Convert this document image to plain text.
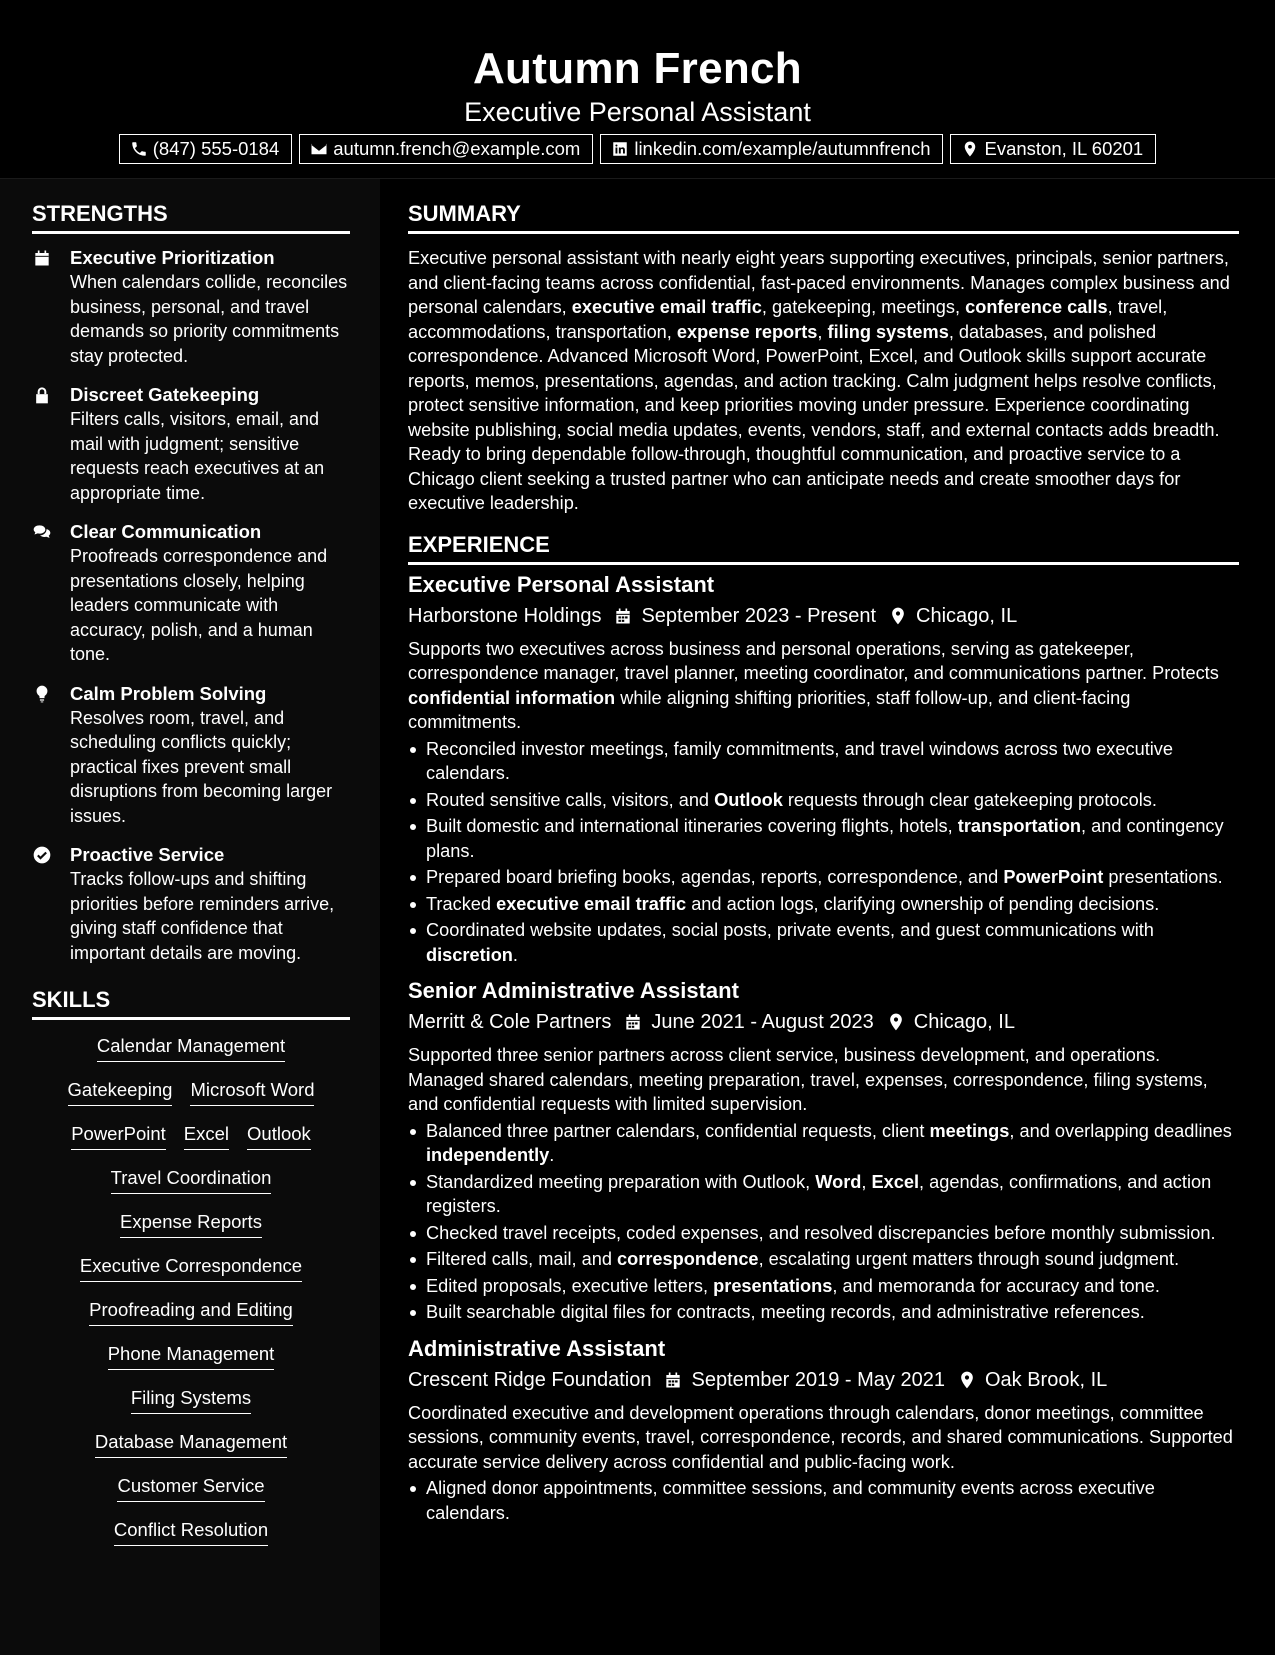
Autumn French
Executive Personal Assistant
(847) 555-0184	autumn.french@example.com	linkedin.com/example/autumnfrench	Evanston, IL 60201
STRENGTHS
Executive Prioritization
When calendars collide, reconciles business, personal, and travel demands so priority commitments stay protected.
Discreet Gatekeeping
Filters calls, visitors, email, and mail with judgment; sensitive requests reach executives at an appropriate time.
Clear Communication
Proofreads correspondence and presentations closely, helping leaders communicate with accuracy, polish, and a human tone.
Calm Problem Solving
Resolves room, travel, and scheduling conflicts quickly; practical fixes prevent small disruptions from becoming larger issues.
Proactive Service
Tracks follow-ups and shifting priorities before reminders arrive, giving staff confidence that important details are moving.
SKILLS
Calendar Management
Gatekeeping Microsoft Word
PowerPoint Excel Outlook
Travel Coordination
Expense Reports
Executive Correspondence
Proofreading and Editing
Phone Management
Filing Systems
Database Management
Customer Service
Conflict Resolution
SUMMARY
Executive personal assistant with nearly eight years supporting executives, principals, senior partners, and client-facing teams across confidential, fast-paced environments. Manages complex business and personal calendars, executive email traffic, gatekeeping, meetings, conference calls, travel, accommodations, transportation, expense reports, filing systems, databases, and polished correspondence. Advanced Microsoft Word, PowerPoint, Excel, and Outlook skills support accurate reports, memos, presentations, agendas, and action tracking. Calm judgment helps resolve conflicts, protect sensitive information, and keep priorities moving under pressure. Experience coordinating website publishing, social media updates, events, vendors, staff, and external contacts adds breadth. Ready to bring dependable follow-through, thoughtful communication, and proactive service to a Chicago client seeking a trusted partner who can anticipate needs and create smoother days for executive leadership.
EXPERIENCE
Executive Personal Assistant
Harborstone Holdings September 2023 - Present Chicago, IL
Supports two executives across business and personal operations, serving as gatekeeper, correspondence manager, travel planner, meeting coordinator, and communications partner. Protects confidential information while aligning shifting priorities, staff follow-up, and client-facing commitments.
Reconciled investor meetings, family commitments, and travel windows across two executive calendars.
Routed sensitive calls, visitors, and Outlook requests through clear gatekeeping protocols.
Built domestic and international itineraries covering flights, hotels, transportation, and contingency plans.
Prepared board briefing books, agendas, reports, correspondence, and PowerPoint presentations.
Tracked executive email traffic and action logs, clarifying ownership of pending decisions.
Coordinated website updates, social posts, private events, and guest communications with discretion.
Senior Administrative Assistant
Merritt & Cole Partners June 2021 - August 2023 Chicago, IL
Supported three senior partners across client service, business development, and operations. Managed shared calendars, meeting preparation, travel, expenses, correspondence, filing systems, and confidential requests with limited supervision.
Balanced three partner calendars, confidential requests, client meetings, and overlapping deadlines independently.
Standardized meeting preparation with Outlook, Word, Excel, agendas, confirmations, and action registers.
Checked travel receipts, coded expenses, and resolved discrepancies before monthly submission.
Filtered calls, mail, and correspondence, escalating urgent matters through sound judgment.
Edited proposals, executive letters, presentations, and memoranda for accuracy and tone.
Built searchable digital files for contracts, meeting records, and administrative references.
Administrative Assistant
Crescent Ridge Foundation September 2019 - May 2021 Oak Brook, IL
Coordinated executive and development operations through calendars, donor meetings, committee sessions, community events, travel, correspondence, records, and shared communications. Supported accurate service delivery across confidential and public-facing work.
Aligned donor appointments, committee sessions, and community events across executive calendars.
